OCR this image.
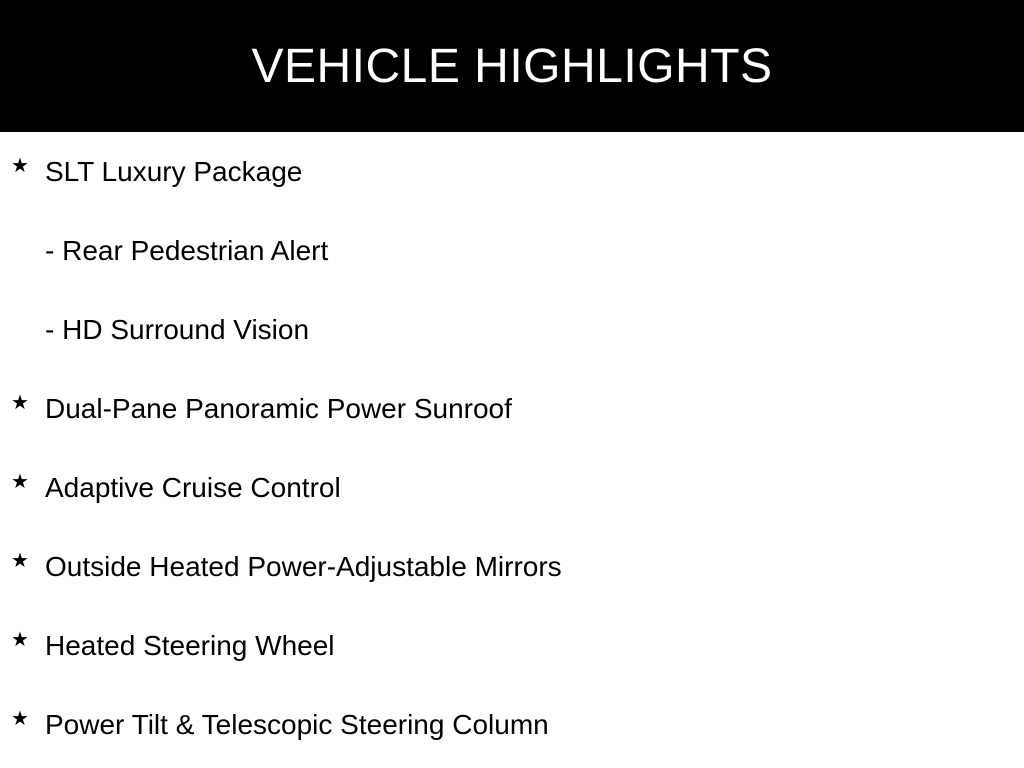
VEHICLE HIGHLIGHTS
★ SLT Luxury Package
- Rear Pedestrian Alert
- HD Surround Vision
★ Dual-Pane Panoramic Power Sunroof
★ Adaptive Cruise Control
★ Outside Heated Power-Adjustable Mirrors
★ Heated Steering Wheel
★ Power Tilt & Telescopic Steering Column
